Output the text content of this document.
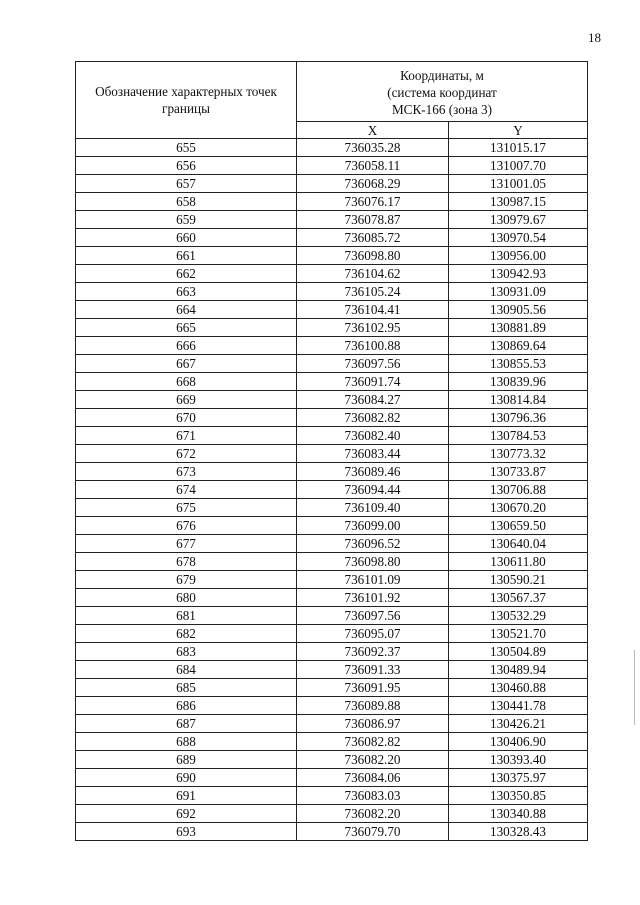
18
Обозначение характерных точек границы	Координаты, м
(система координат
МСК-166 (зона 3)	

	X	Y
655	736035.28	131015.17
656	736058.11	131007.70
657	736068.29	131001.05
658	736076.17	130987.15
659	736078.87	130979.67
660	736085.72	130970.54
661	736098.80	130956.00
662	736104.62	130942.93
663	736105.24	130931.09
664	736104.41	130905.56
665	736102.95	130881.89
666	736100.88	130869.64
667	736097.56	130855.53
668	736091.74	130839.96
669	736084.27	130814.84
670	736082.82	130796.36
671	736082.40	130784.53
672	736083.44	130773.32
673	736089.46	130733.87
674	736094.44	130706.88
675	736109.40	130670.20
676	736099.00	130659.50
677	736096.52	130640.04
678	736098.80	130611.80
679	736101.09	130590.21
680	736101.92	130567.37
681	736097.56	130532.29
682	736095.07	130521.70
683	736092.37	130504.89
684	736091.33	130489.94
685	736091.95	130460.88
686	736089.88	130441.78
687	736086.97	130426.21
688	736082.82	130406.90
689	736082.20	130393.40
690	736084.06	130375.97
691	736083.03	130350.85
692	736082.20	130340.88
693	736079.70	130328.43
